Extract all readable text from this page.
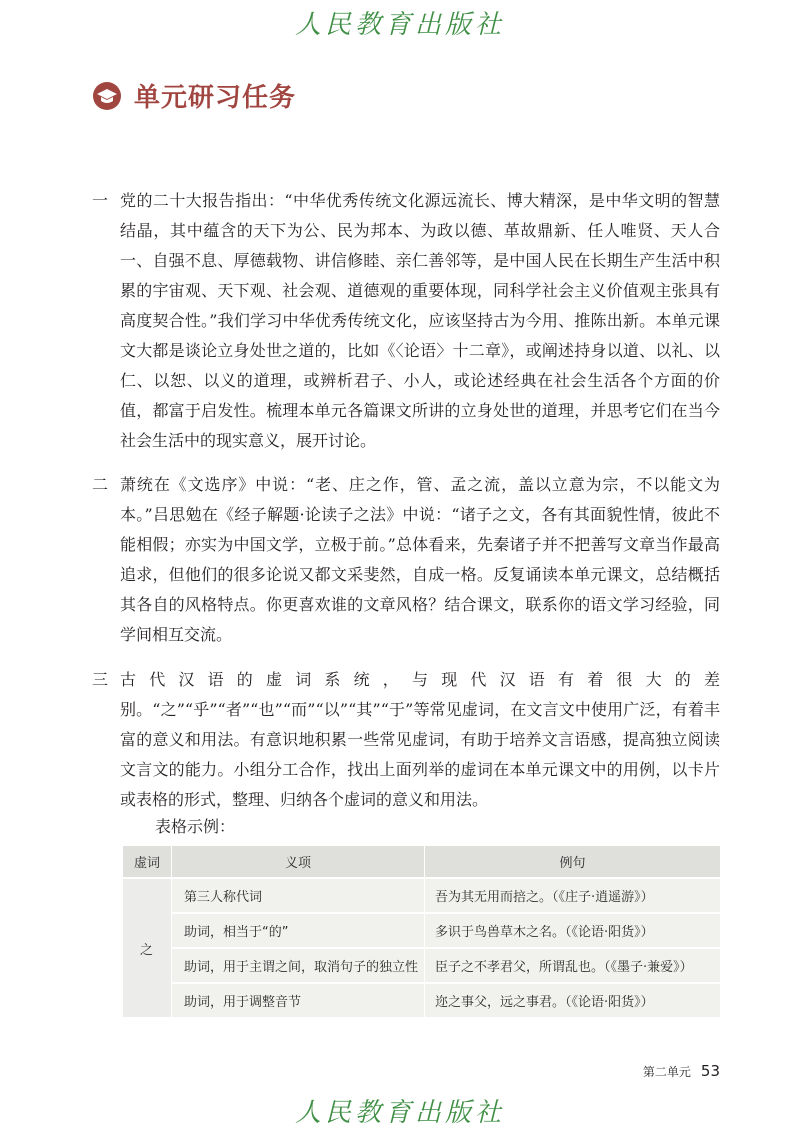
人民教育出版社
单元研习任务
一 党的二十大报告指出：“中华优秀传统文化源远流长、博大精深，是中华文明的智慧结晶，其中蕴含的天下为公、民为邦本、为政以德、革故鼎新、任人唯贤、天人合一、自强不息、厚德载物、讲信修睦、亲仁善邻等，是中国人民在长期生产生活中积累的宇宙观、天下观、社会观、道德观的重要体现，同科学社会主义价值观主张具有高度契合性。”我们学习中华优秀传统文化，应该坚持古为今用、推陈出新。本单元课文大都是谈论立身处世之道的，比如《〈论语〉十二章》，或阐述持身以道、以礼、以仁、以恕、以义的道理，或辨析君子、小人，或论述经典在社会生活各个方面的价值，都富于启发性。梳理本单元各篇课文所讲的立身处世的道理，并思考它们在当今社会生活中的现实意义，展开讨论。

二 萧统在《文选序》中说：“老、庄之作，管、孟之流，盖以立意为宗，不以能文为本。”吕思勉在《经子解题·论读子之法》中说：“诸子之文，各有其面貌性情，彼此不能相假；亦实为中国文学，立极于前。”总体看来，先秦诸子并不把善写文章当作最高追求，但他们的很多论说又都文采斐然，自成一格。反复诵读本单元课文，总结概括其各自的风格特点。你更喜欢谁的文章风格？结合课文，联系你的语文学习经验，同学间相互交流。

三 古代汉语的虚词系统，与现代汉语有着很大的差别。“之”“乎”“者”“也”“而”“以”“其”“于”等常见虚词，在文言文中使用广泛，有着丰富的意义和用法。有意识地积累一些常见虚词，有助于培养文言语感，提高独立阅读文言文的能力。小组分工合作，找出上面列举的虚词在本单元课文中的用例，以卡片或表格的形式，整理、归纳各个虚词的意义和用法。

表格示例：
虚词	义项	例句
之	第三人称代词	吾为其无用而掊之。（《庄子·逍遥游》）
	助词，相当于“的”	多识于鸟兽草木之名。（《论语·阳货》）
	助词，用于主谓之间，取消句子的独立性	臣子之不孝君父，所谓乱也。（《墨子·兼爱》）
	助词，用于调整音节	迩之事父，远之事君。（《论语·阳货》）
第二单元 53
人民教育出版社
